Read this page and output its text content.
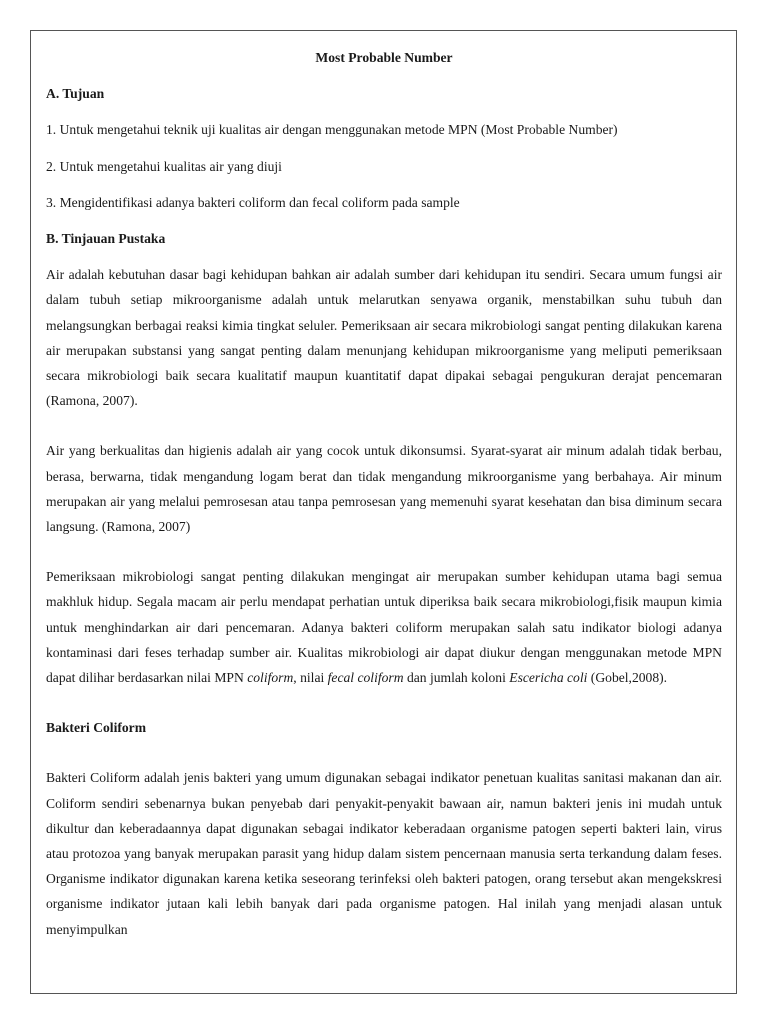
Most Probable Number
A. Tujuan
1. Untuk mengetahui teknik uji kualitas air dengan menggunakan metode MPN (Most Probable Number)
2. Untuk mengetahui kualitas air yang diuji
3. Mengidentifikasi adanya bakteri coliform dan fecal coliform pada sample
B. Tinjauan Pustaka

Air adalah kebutuhan dasar bagi kehidupan bahkan air adalah sumber dari kehidupan itu sendiri. Secara umum fungsi air dalam tubuh setiap mikroorganisme adalah untuk melarutkan senyawa organik, menstabilkan suhu tubuh dan melangsungkan berbagai reaksi kimia tingkat seluler. Pemeriksaan air secara mikrobiologi sangat penting dilakukan karena air merupakan substansi yang sangat penting dalam menunjang kehidupan mikroorganisme yang meliputi pemeriksaan secara mikrobiologi baik secara kualitatif maupun kuantitatif dapat dipakai sebagai pengukuran derajat pencemaran (Ramona, 2007).

Air yang berkualitas dan higienis adalah air yang cocok untuk dikonsumsi. Syarat-syarat air minum adalah tidak berbau, berasa, berwarna, tidak mengandung logam berat dan tidak mengandung mikroorganisme yang berbahaya. Air minum merupakan air yang melalui pemrosesan atau tanpa pemrosesan yang memenuhi syarat kesehatan dan bisa diminum secara langsung. (Ramona, 2007)

Pemeriksaan mikrobiologi sangat penting dilakukan mengingat air merupakan sumber kehidupan utama bagi semua makhluk hidup. Segala macam air perlu mendapat perhatian untuk diperiksa baik secara mikrobiologi,fisik maupun kimia untuk menghindarkan air dari pencemaran. Adanya bakteri coliform merupakan salah satu indikator biologi adanya kontaminasi dari feses terhadap sumber air. Kualitas mikrobiologi air dapat diukur dengan menggunakan metode MPN dapat dilihar berdasarkan nilai MPN coliform, nilai fecal coliform dan jumlah koloni Escericha coli (Gobel,2008).

Bakteri Coliform

Bakteri Coliform adalah jenis bakteri yang umum digunakan sebagai indikator penetuan kualitas sanitasi makanan dan air. Coliform sendiri sebenarnya bukan penyebab dari penyakit-penyakit bawaan air, namun bakteri jenis ini mudah untuk dikultur dan keberadaannya dapat digunakan sebagai indikator keberadaan organisme patogen seperti bakteri lain, virus atau protozoa yang banyak merupakan parasit yang hidup dalam sistem pencernaan manusia serta terkandung dalam feses. Organisme indikator digunakan karena ketika seseorang terinfeksi oleh bakteri patogen, orang tersebut akan mengekskresi organisme indikator jutaan kali lebih banyak dari pada organisme patogen. Hal inilah yang menjadi alasan untuk menyimpulkan
